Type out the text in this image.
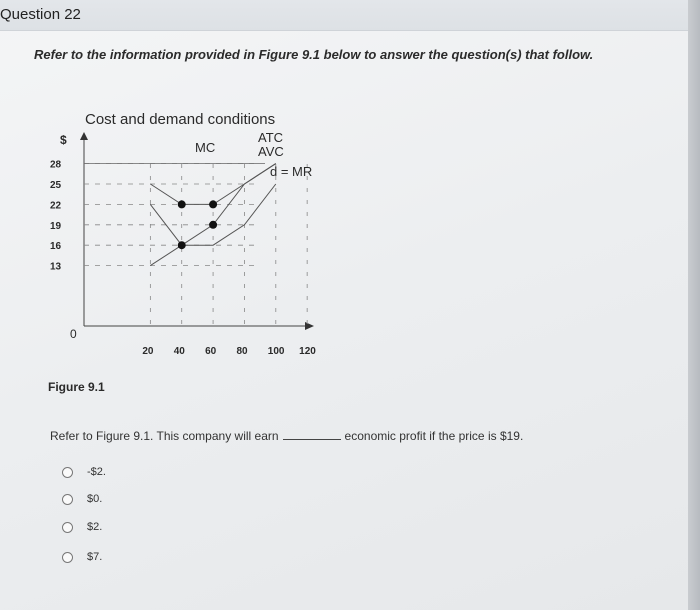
Question 22
Refer to the information provided in Figure 9.1 below to answer the question(s) that follow.
Cost and demand conditions
$
28
25
22
19
16
13
20 40 60 80 100 120
0
MC
ATC
AVC
d = MR
Figure 9.1
Refer to Figure 9.1. This company will earn	economic profit if the price is $19.
-$2.
$0.
$2.
$7.
